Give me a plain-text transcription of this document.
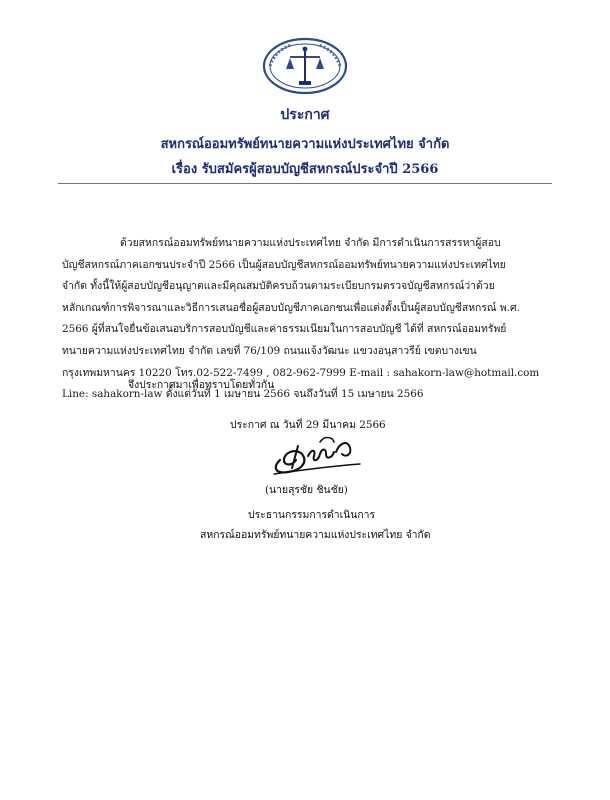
ประกาศ
สหกรณ์ออมทรัพย์ทนายความแห่งประเทศไทย จำกัด
เรื่อง รับสมัครผู้สอบบัญชีสหกรณ์ประจำปี 2566
ด้วยสหกรณ์ออมทรัพย์ทนายความแห่งประเทศไทย จำกัด มีการดำเนินการสรรหาผู้สอบ
บัญชีสหกรณ์ภาคเอกชนประจำปี 2566 เป็นผู้สอบบัญชีสหกรณ์ออมทรัพย์ทนายความแห่งประเทศไทย
จำกัด ทั้งนี้ให้ผู้สอบบัญชีอนุญาตและมีคุณสมบัติครบถ้วนตามระเบียบกรมตรวจบัญชีสหกรณ์ว่าด้วย
หลักเกณฑ์การพิจารณาและวิธีการเสนอชื่อผู้สอบบัญชีภาคเอกชนเพื่อแต่งตั้งเป็นผู้สอบบัญชีสหกรณ์ พ.ศ.
2566 ผู้ที่สนใจยื่นข้อเสนอบริการสอบบัญชีและค่าธรรมเนียมในการสอบบัญชี ได้ที่ สหกรณ์ออมทรัพย์
ทนายความแห่งประเทศไทย จำกัด เลขที่ 76/109 ถนนแจ้งวัฒนะ แขวงอนุสาวรีย์ เขตบางเขน
กรุงเทพมหานคร 10220 โทร.02-522-7499 , 082-962-7999 E-mail : sahakorn-law@hotmail.com
Line: sahakorn-law ตั้งแต่วันที่ 1 เมษายน 2566 จนถึงวันที่ 15 เมษายน 2566
จึงประกาศมาเพื่อทราบโดยทั่วกัน
ประกาศ ณ วันที่ 29 มีนาคม 2566
(นายสุรชัย ชินชัย)
ประธานกรรมการดำเนินการ
สหกรณ์ออมทรัพย์ทนายความแห่งประเทศไทย จำกัด
